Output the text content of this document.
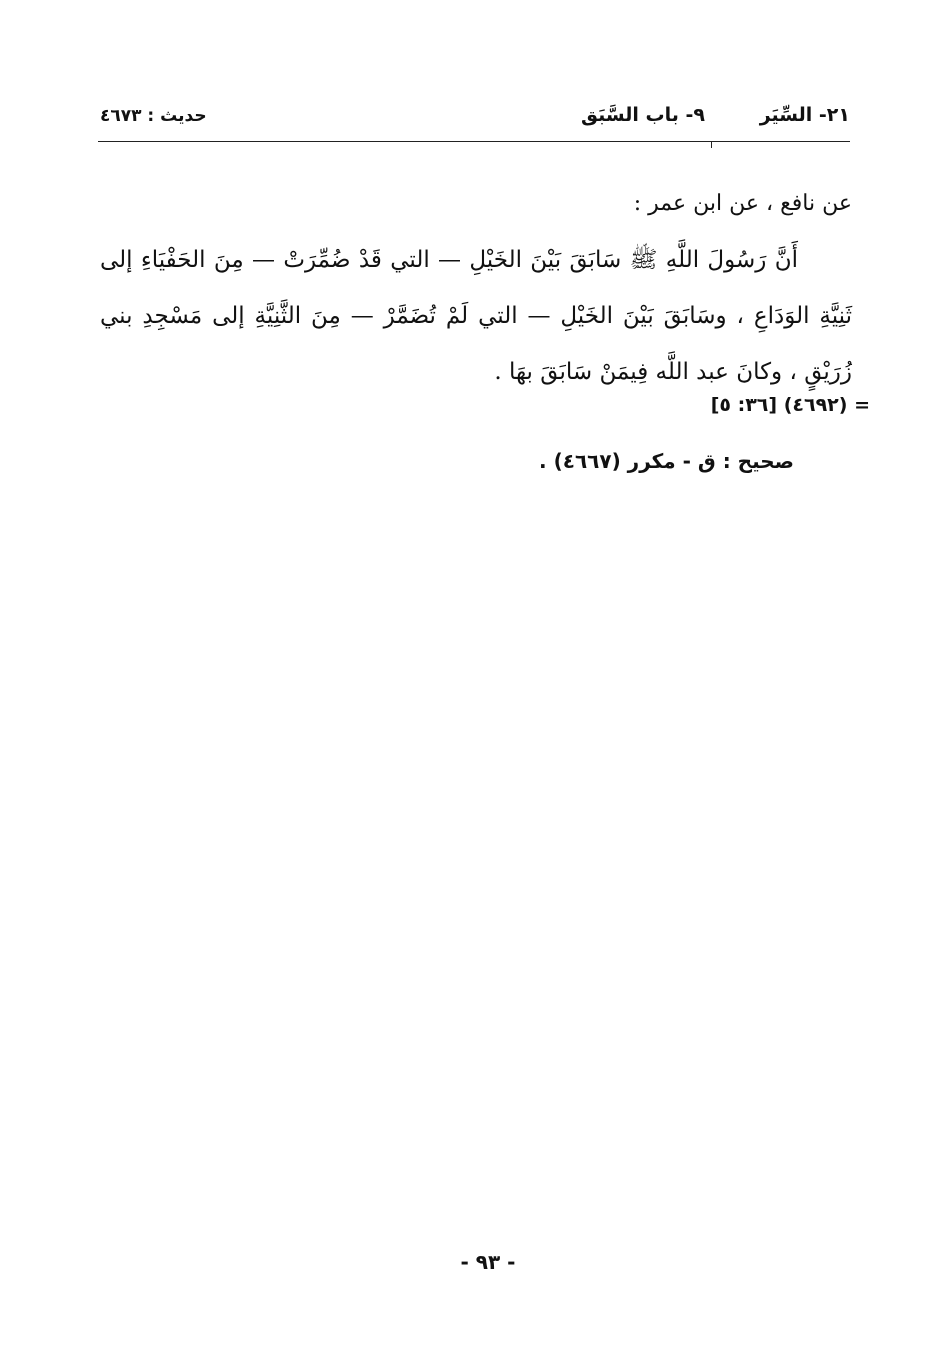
٢١- السِّيَر
٩- باب السَّبَق
حديث : ٤٦٧٣
عن نافع ، عن ابن عمر :
أَنَّ رَسُولَ اللَّهِ ﷺ سَابَقَ بَيْنَ الخَيْلِ — التي قَدْ ضُمِّرَتْ — مِنَ الحَفْيَاءِ إلى ثَنِيَّةِ الوَدَاعِ ، وسَابَقَ بَيْنَ الخَيْلِ — التي لَمْ تُضَمَّرْ — مِنَ الثَّنِيَّةِ إلى مَسْجِدِ بني زُرَيْقٍ ، وكانَ عبد اللَّه فِيمَنْ سَابَقَ بهَا .
= (٤٦٩٢) [٣٦: ٥]
صحيح : ق - مكرر (٤٦٦٧) .
- ٩٣ -
